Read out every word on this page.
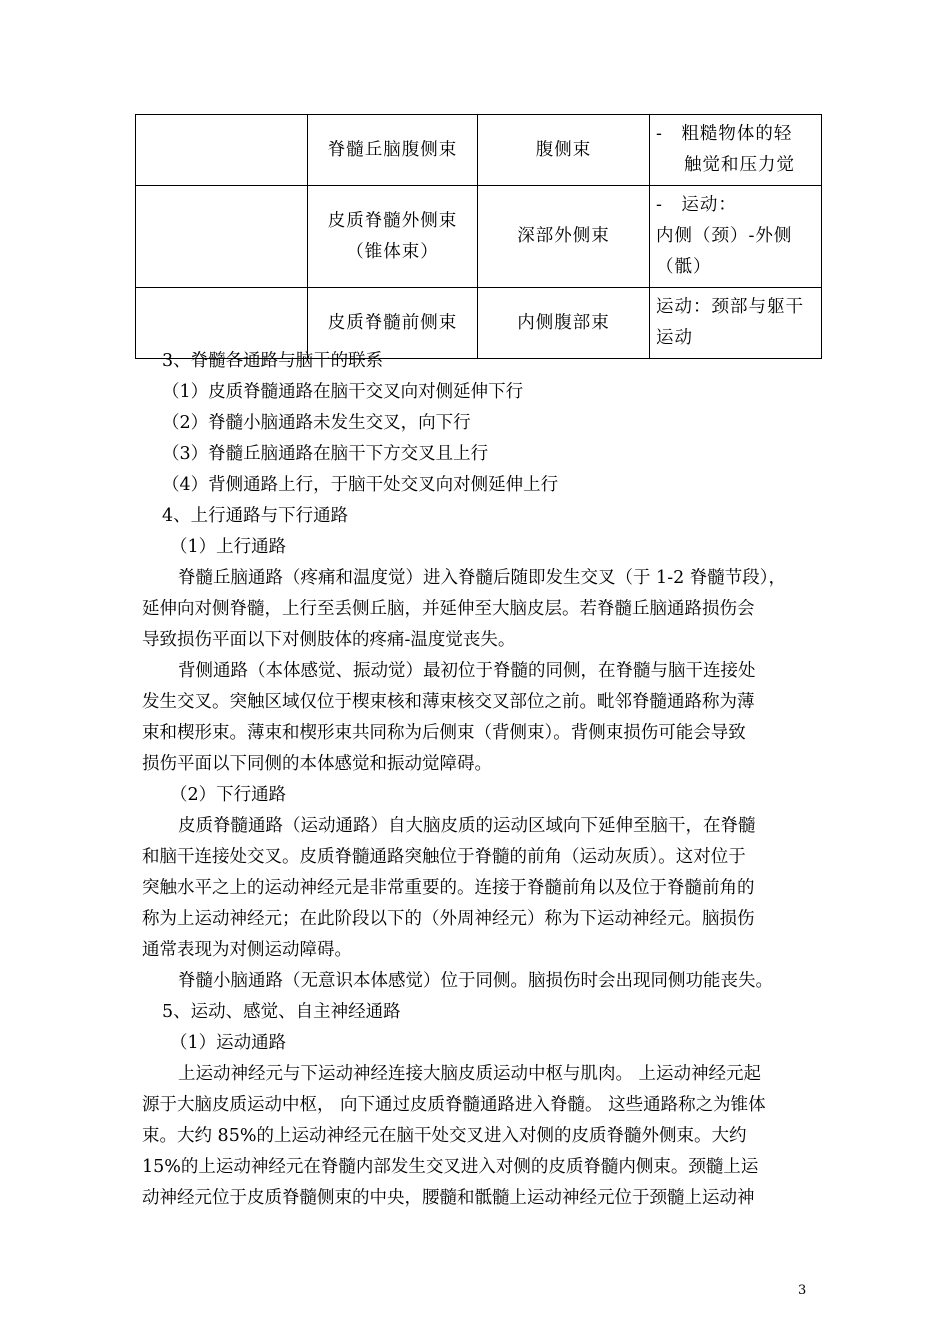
	脊髓丘脑腹侧束	腹侧束	-　粗糙物体的轻
触觉和压力觉
	皮质脊髓外侧束
（锥体束）	深部外侧束	-　运动：
内侧（颈）-外侧
（骶）
	皮质脊髓前侧束	内侧腹部束	运动：颈部与躯干
运动
3、脊髓各通路与脑干的联系
（1）皮质脊髓通路在脑干交叉向对侧延伸下行
（2）脊髓小脑通路未发生交叉，向下行
（3）脊髓丘脑通路在脑干下方交叉且上行
（4）背侧通路上行，于脑干处交叉向对侧延伸上行
4、上行通路与下行通路
（1）上行通路
脊髓丘脑通路（疼痛和温度觉）进入脊髓后随即发生交叉（于 1-2 脊髓节段），
延伸向对侧脊髓，上行至丢侧丘脑，并延伸至大脑皮层。若脊髓丘脑通路损伤会
导致损伤平面以下对侧肢体的疼痛-温度觉丧失。
背侧通路（本体感觉、振动觉）最初位于脊髓的同侧，在脊髓与脑干连接处
发生交叉。突触区域仅位于楔束核和薄束核交叉部位之前。毗邻脊髓通路称为薄
束和楔形束。薄束和楔形束共同称为后侧束（背侧束）。背侧束损伤可能会导致
损伤平面以下同侧的本体感觉和振动觉障碍。
（2）下行通路
皮质脊髓通路（运动通路）自大脑皮质的运动区域向下延伸至脑干，在脊髓
和脑干连接处交叉。皮质脊髓通路突触位于脊髓的前角（运动灰质）。这对位于
突触水平之上的运动神经元是非常重要的。连接于脊髓前角以及位于脊髓前角的
称为上运动神经元；在此阶段以下的（外周神经元）称为下运动神经元。脑损伤
通常表现为对侧运动障碍。
脊髓小脑通路（无意识本体感觉）位于同侧。脑损伤时会出现同侧功能丧失。
5、运动、感觉、自主神经通路
（1）运动通路
上运动神经元与下运动神经连接大脑皮质运动中枢与肌肉。 上运动神经元起
源于大脑皮质运动中枢， 向下通过皮质脊髓通路进入脊髓。 这些通路称之为锥体
束。大约 85%的上运动神经元在脑干处交叉进入对侧的皮质脊髓外侧束。大约
15%的上运动神经元在脊髓内部发生交叉进入对侧的皮质脊髓内侧束。颈髓上运
动神经元位于皮质脊髓侧束的中央，腰髓和骶髓上运动神经元位于颈髓上运动神
3
